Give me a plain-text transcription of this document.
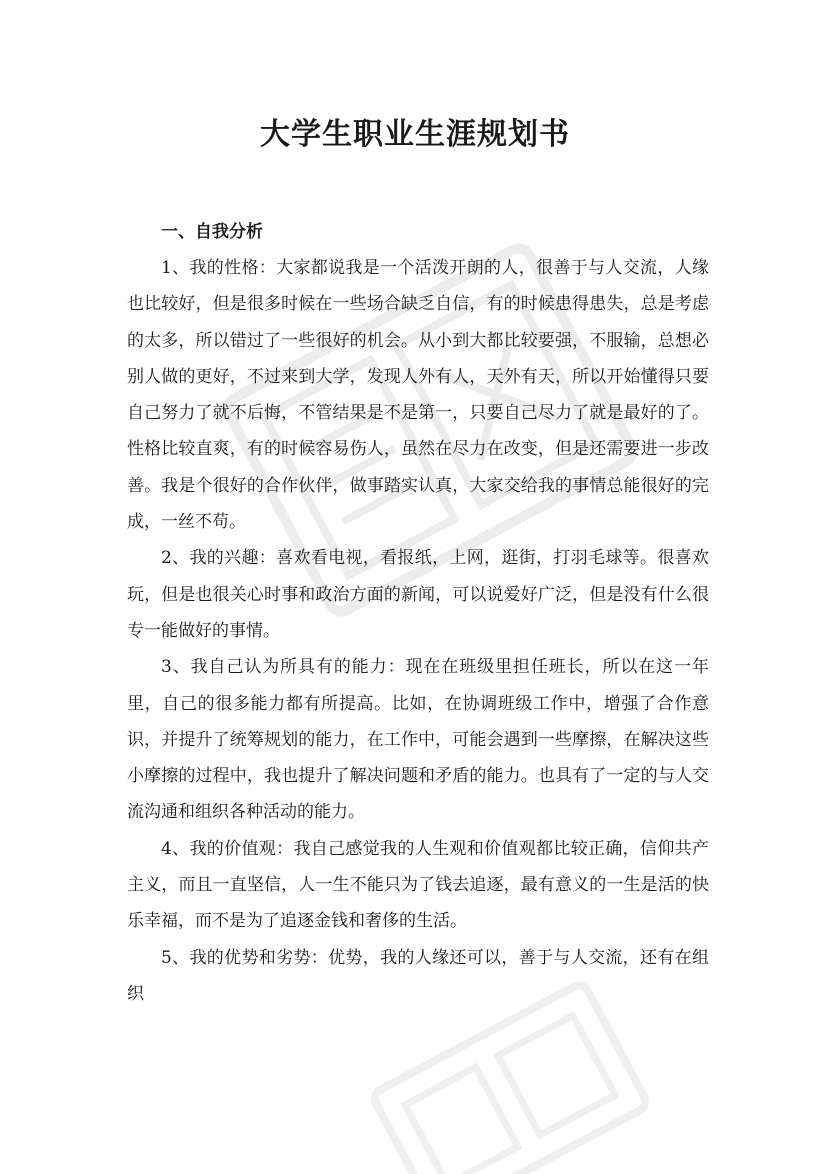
大学生职业生涯规划书

一、自我分析

1、我的性格：大家都说我是一个活泼开朗的人，很善于与人交流，人缘也比较好，但是很多时候在一些场合缺乏自信，有的时候患得患失，总是考虑的太多，所以错过了一些很好的机会。从小到大都比较要强，不服输，总想必别人做的更好，不过来到大学，发现人外有人，天外有天，所以开始懂得只要自己努力了就不后悔，不管结果是不是第一，只要自己尽力了就是最好的了。性格比较直爽，有的时候容易伤人，虽然在尽力在改变，但是还需要进一步改善。我是个很好的合作伙伴，做事踏实认真，大家交给我的事情总能很好的完成，一丝不苟。

2、我的兴趣：喜欢看电视，看报纸，上网，逛街，打羽毛球等。很喜欢玩，但是也很关心时事和政治方面的新闻，可以说爱好广泛，但是没有什么很专一能做好的事情。

3、我自己认为所具有的能力：现在在班级里担任班长，所以在这一年里，自己的很多能力都有所提高。比如，在协调班级工作中，增强了合作意识，并提升了统筹规划的能力，在工作中，可能会遇到一些摩擦，在解决这些小摩擦的过程中，我也提升了解决问题和矛盾的能力。也具有了一定的与人交流沟通和组织各种活动的能力。

4、我的价值观：我自己感觉我的人生观和价值观都比较正确，信仰共产主义，而且一直坚信，人一生不能只为了钱去追逐，最有意义的一生是活的快乐幸福，而不是为了追逐金钱和奢侈的生活。

5、我的优势和劣势：优势，我的人缘还可以，善于与人交流，还有在组织
